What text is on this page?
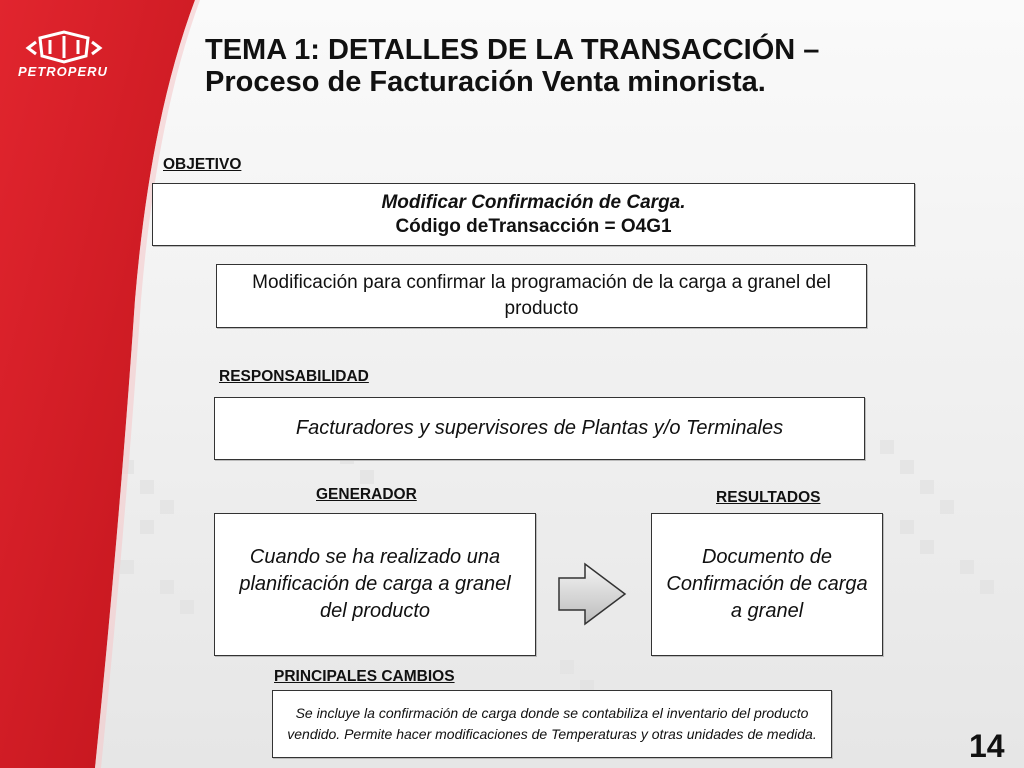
PETROPERU
TEMA 1: DETALLES DE LA TRANSACCIÓN – Proceso de Facturación Venta minorista.
OBJETIVO
Modificar Confirmación de Carga.
Código deTransacción = O4G1
Modificación para confirmar la programación de la carga a granel del producto
RESPONSABILIDAD
Facturadores y supervisores de Plantas y/o Terminales
GENERADOR
Cuando se ha realizado una planificación de carga a granel del producto
RESULTADOS
Documento de Confirmación de carga a granel
PRINCIPALES CAMBIOS
Se incluye la confirmación de carga donde se contabiliza el inventario del producto vendido. Permite hacer modificaciones de Temperaturas y otras unidades de medida.	14
